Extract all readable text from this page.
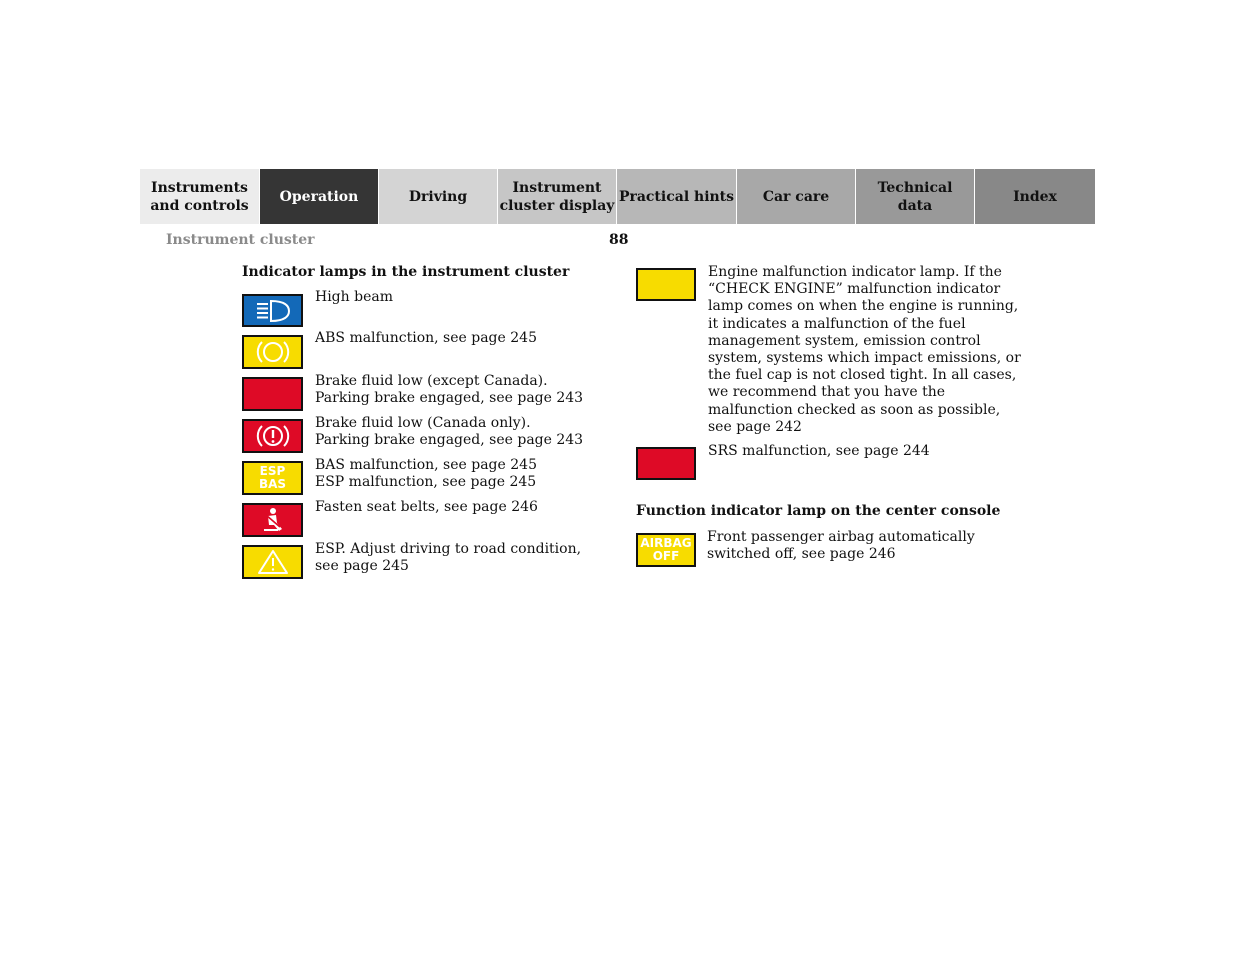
Instruments
and controls
Operation	Driving
Instrument
cluster display
Practical hints	Car care
Technical
data
Index
Instrument cluster	88
Indicator lamps in the instrument cluster
High beam
ABS malfunction, see page 245
Brake fluid low (except Canada).
Parking brake engaged, see page 243
Brake fluid low (Canada only).
Parking brake engaged, see page 243
ESP
BAS
BAS malfunction, see page 245
ESP malfunction, see page 245
Fasten seat belts, see page 246
ESP. Adjust driving to road condition,
see page 245
Engine malfunction indicator lamp. If the
“CHECK ENGINE” malfunction indicator
lamp comes on when the engine is running,
it indicates a malfunction of the fuel
management system, emission control
system, systems which impact emissions, or
the fuel cap is not closed tight. In all cases,
we recommend that you have the
malfunction checked as soon as possible,
see page 242
SRS malfunction, see page 244
Function indicator lamp on the center console
AIRBAG
OFF
Front passenger airbag automatically
switched off, see page 246
